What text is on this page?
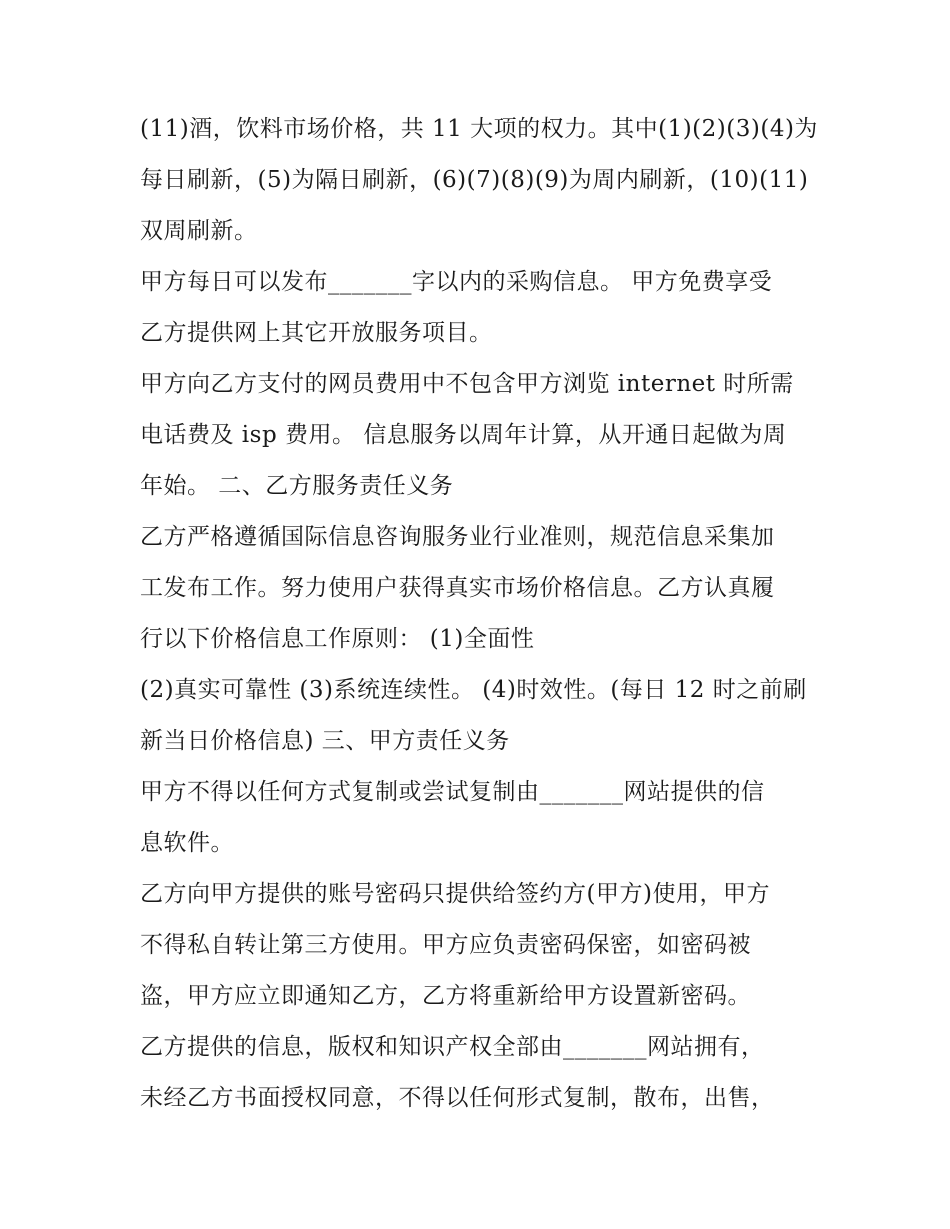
(11)酒，饮料市场价格，共 11 大项的权力。其中(1)(2)(3)(4)为
每日刷新，(5)为隔日刷新，(6)(7)(8)(9)为周内刷新，(10)(11)
双周刷新。
甲方每日可以发布_______字以内的采购信息。 甲方免费享受
乙方提供网上其它开放服务项目。
甲方向乙方支付的网员费用中不包含甲方浏览 internet 时所需
电话费及 isp 费用。 信息服务以周年计算，从开通日起做为周
年始。 二、乙方服务责任义务
乙方严格遵循国际信息咨询服务业行业准则，规范信息采集加
工发布工作。努力使用户获得真实市场价格信息。乙方认真履
行以下价格信息工作原则： (1)全面性
(2)真实可靠性 (3)系统连续性。 (4)时效性。(每日 12 时之前刷
新当日价格信息) 三、甲方责任义务
甲方不得以任何方式复制或尝试复制由_______网站提供的信
息软件。
乙方向甲方提供的账号密码只提供给签约方(甲方)使用，甲方
不得私自转让第三方使用。甲方应负责密码保密，如密码被
盗，甲方应立即通知乙方，乙方将重新给甲方设置新密码。
乙方提供的信息，版权和知识产权全部由_______网站拥有，
未经乙方书面授权同意，不得以任何形式复制，散布，出售，
